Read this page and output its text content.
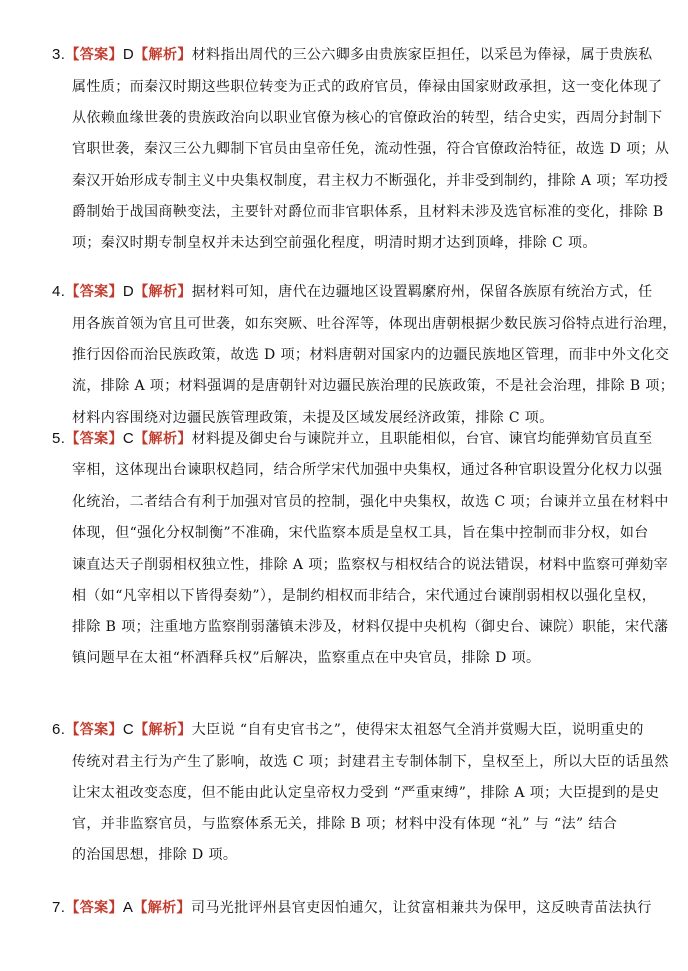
3.【答案】D【解析】材料指出周代的三公六卿多由贵族家臣担任，以采邑为俸禄，属于贵族私
属性质；而秦汉时期这些职位转变为正式的政府官员，俸禄由国家财政承担，这一变化体现了
从依赖血缘世袭的贵族政治向以职业官僚为核心的官僚政治的转型，结合史实，西周分封制下
官职世袭，秦汉三公九卿制下官员由皇帝任免，流动性强，符合官僚政治特征，故选 D 项；从
秦汉开始形成专制主义中央集权制度，君主权力不断强化，并非受到制约，排除 A 项；军功授
爵制始于战国商鞅变法，主要针对爵位而非官职体系，且材料未涉及选官标准的变化，排除 B
项；秦汉时期专制皇权并未达到空前强化程度，明清时期才达到顶峰，排除 C 项。
4.【答案】D【解析】据材料可知，唐代在边疆地区设置羁縻府州，保留各族原有统治方式，任
用各族首领为官且可世袭，如东突厥、吐谷浑等，体现出唐朝根据少数民族习俗特点进行治理，
推行因俗而治民族政策，故选 D 项；材料唐朝对国家内的边疆民族地区管理，而非中外文化交
流，排除 A 项；材料强调的是唐朝针对边疆民族治理的民族政策，不是社会治理，排除 B 项；
材料内容围绕对边疆民族管理政策，未提及区域发展经济政策，排除 C 项。
5.【答案】C【解析】材料提及御史台与谏院并立，且职能相似，台官、谏官均能弹劾官员直至
宰相，这体现出台谏职权趋同，结合所学宋代加强中央集权，通过各种官职设置分化权力以强
化统治，二者结合有利于加强对官员的控制，强化中央集权，故选 C 项；台谏并立虽在材料中
体现，但“强化分权制衡”不准确，宋代监察本质是皇权工具，旨在集中控制而非分权，如台
谏直达天子削弱相权独立性，排除 A 项；监察权与相权结合的说法错误，材料中监察可弹劾宰
相（如“凡宰相以下皆得奏劾”），是制约相权而非结合，宋代通过台谏削弱相权以强化皇权，
排除 B 项；注重地方监察削弱藩镇未涉及，材料仅提中央机构（御史台、谏院）职能，宋代藩
镇问题早在太祖“杯酒释兵权”后解决，监察重点在中央官员，排除 D 项。
6.【答案】C【解析】大臣说 “自有史官书之”，使得宋太祖怒气全消并赏赐大臣，说明重史的
传统对君主行为产生了影响，故选 C 项；封建君主专制体制下，皇权至上，所以大臣的话虽然
让宋太祖改变态度，但不能由此认定皇帝权力受到 “严重束缚”，排除 A 项；大臣提到的是史
官，并非监察官员，与监察体系无关，排除 B 项；材料中没有体现 “礼” 与 “法” 结合
的治国思想，排除 D 项。
7.【答案】A【解析】司马光批评州县官吏因怕逋欠，让贫富相兼共为保甲，这反映青苗法执行
